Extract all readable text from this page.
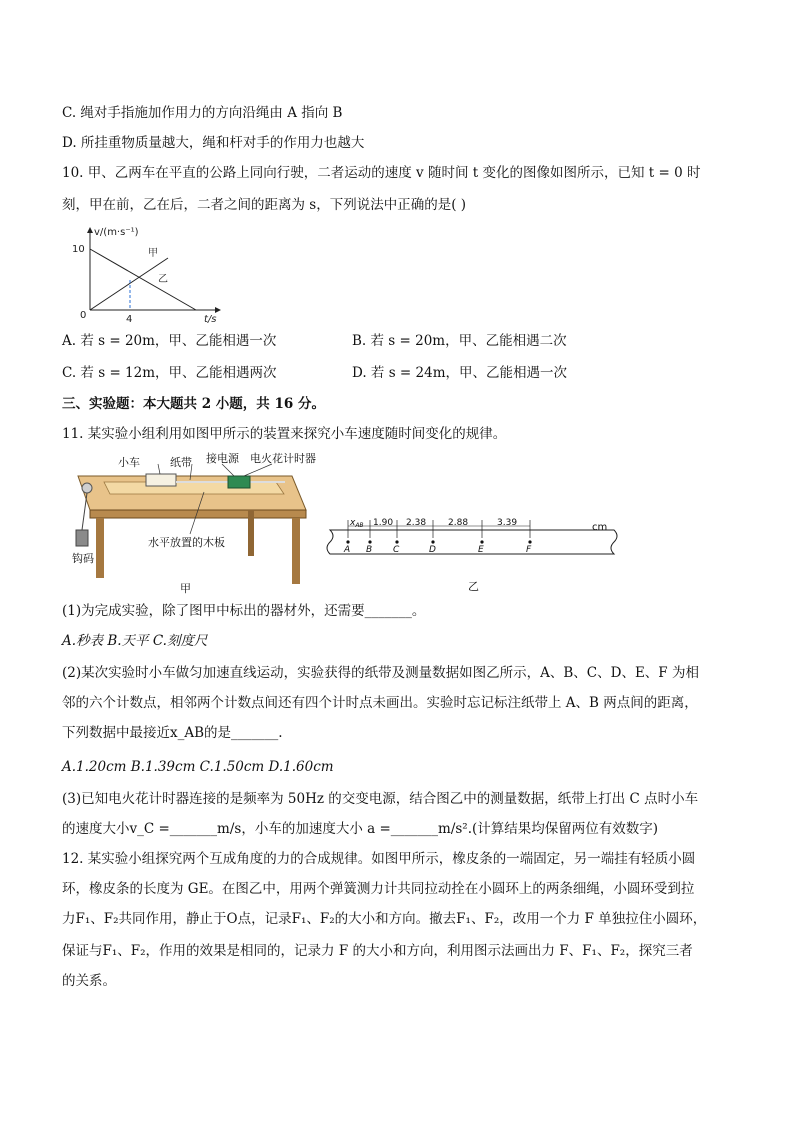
C. 绳对手指施加作用力的方向沿绳由 A 指向 B
D. 所挂重物质量越大，绳和杆对手的作用力也越大
10. 甲、乙两车在平直的公路上同向行驶，二者运动的速度 v 随时间 t 变化的图像如图所示，已知 t = 0 时
刻，甲在前，乙在后，二者之间的距离为 s，下列说法中正确的是( )
v/(m·s⁻¹)
t/s
10
0	4
甲
乙
A. 若 s = 20m，甲、乙能相遇一次	B. 若 s = 20m，甲、乙能相遇二次
C. 若 s = 12m，甲、乙能相遇两次	D. 若 s = 24m，甲、乙能相遇一次
三、实验题：本大题共 2 小题，共 16 分。
11. 某实验小组利用如图甲所示的装置来探究小车速度随时间变化的规律。
小车	纸带 接电源 电火花计时器
钩码
水平放置的木板
甲
$x_{AB}$ 1.90 2.38 2.88	3.39	cm
A B C	D	E	F
乙
(1)为完成实验，除了图甲中标出的器材外，还需要_______。
A.秒表 B.天平 C.刻度尺
(2)某次实验时小车做匀加速直线运动，实验获得的纸带及测量数据如图乙所示，A、B、C、D、E、F 为相
邻的六个计数点，相邻两个计数点间还有四个计时点未画出。实验时忘记标注纸带上 A、B 两点间的距离，
下列数据中最接近x_AB的是_______.
A.1.20cm B.1.39cm C.1.50cm D.1.60cm
(3)已知电火花计时器连接的是频率为 50Hz 的交变电源，结合图乙中的测量数据，纸带上打出 C 点时小车
的速度大小v_C =_______m/s，小车的加速度大小 a =_______m/s².(计算结果均保留两位有效数字)
12. 某实验小组探究两个互成角度的力的合成规律。如图甲所示，橡皮条的一端固定，另一端挂有轻质小圆
环，橡皮条的长度为 GE。在图乙中，用两个弹簧测力计共同拉动拴在小圆环上的两条细绳，小圆环受到拉
力F₁、F₂共同作用，静止于O点，记录F₁、F₂的大小和方向。撤去F₁、F₂，改用一个力 F 单独拉住小圆环，
保证与F₁、F₂，作用的效果是相同的，记录力 F 的大小和方向，利用图示法画出力 F、F₁、F₂，探究三者
的关系。
